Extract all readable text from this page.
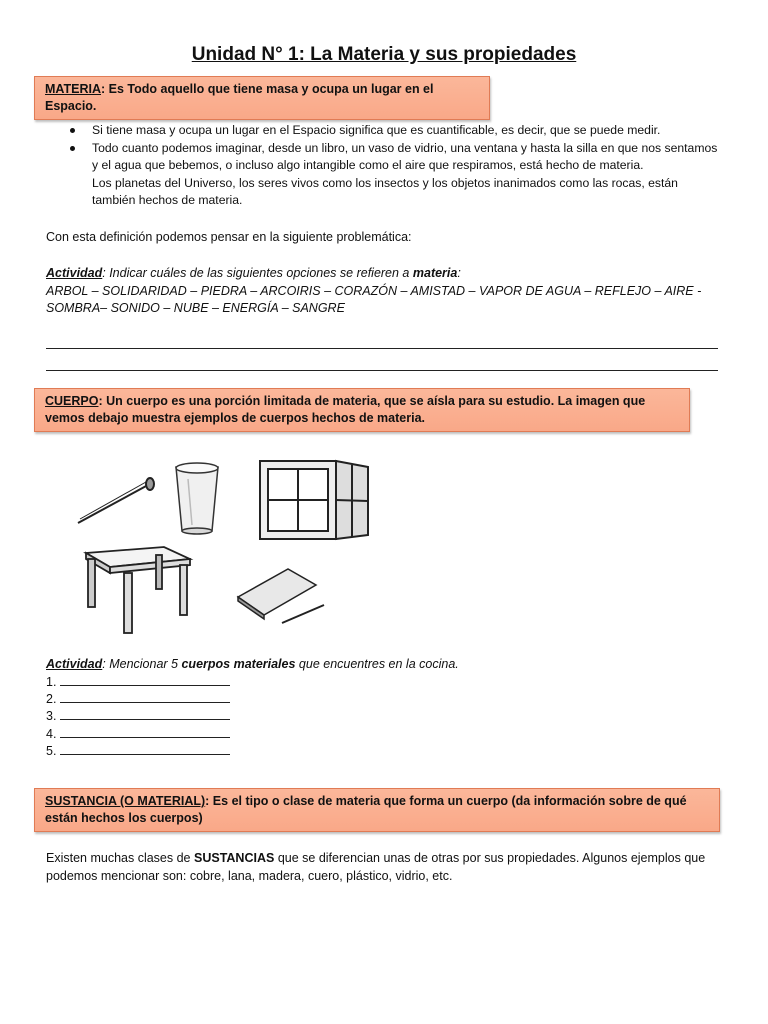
Unidad N° 1: La Materia y sus propiedades
MATERIA: Es Todo aquello que tiene masa y ocupa un lugar en el Espacio.
Si tiene masa y ocupa un lugar en el Espacio significa que es cuantificable, es decir, que se puede medir.
Todo cuanto podemos imaginar, desde un libro, un vaso de vidrio, una ventana y hasta la silla en que nos sentamos y el agua que bebemos, o incluso algo intangible como el aire que respiramos, está hecho de materia.
Los planetas del Universo, los seres vivos como los insectos y los objetos inanimados como las rocas, están también hechos de materia.
Con esta definición podemos pensar en la siguiente problemática:
Actividad: Indicar cuáles de las siguientes opciones se refieren a materia:
ARBOL – SOLIDARIDAD – PIEDRA – ARCOIRIS – CORAZÓN – AMISTAD – VAPOR DE AGUA – REFLEJO – AIRE - SOMBRA– SONIDO – NUBE – ENERGÍA – SANGRE
CUERPO: Un cuerpo es una porción limitada de materia, que se aísla para su estudio. La imagen que vemos debajo muestra ejemplos de cuerpos hechos de materia.
Actividad: Mencionar 5 cuerpos materiales que encuentres en la cocina.
1.
2.
3.
4.
5.
SUSTANCIA (O MATERIAL): Es el tipo o clase de materia que forma un cuerpo (da información sobre de qué están hechos los cuerpos)
Existen muchas clases de SUSTANCIAS que se diferencian unas de otras por sus propiedades. Algunos ejemplos que podemos mencionar son: cobre, lana, madera, cuero, plástico, vidrio, etc.
